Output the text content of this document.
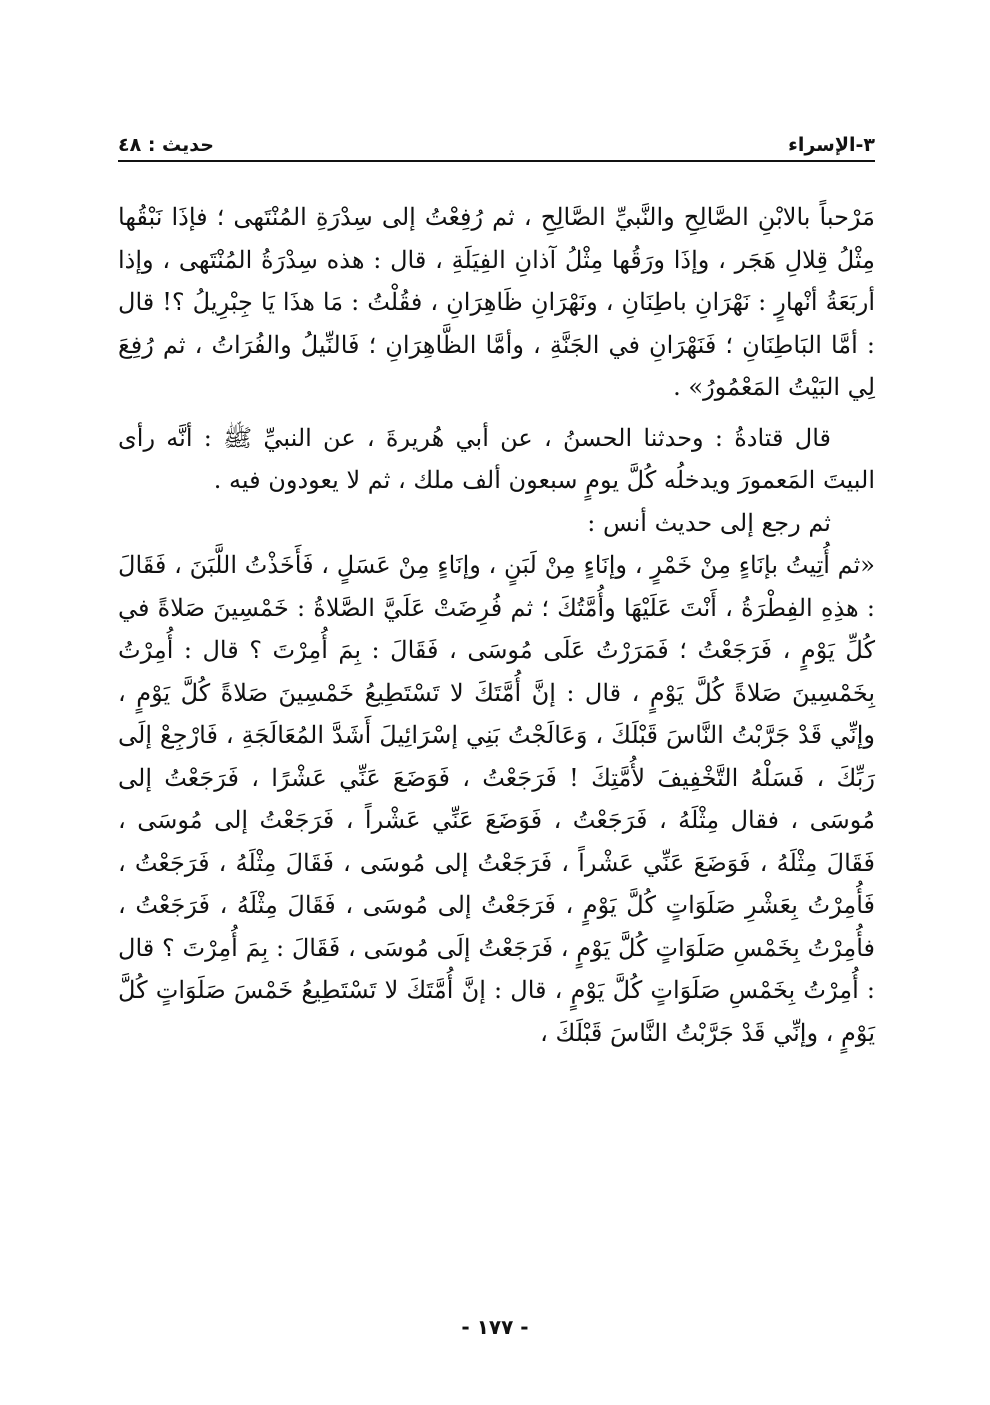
٣-الإسراء
حديث : ٤٨

مَرْحباً بالابْنِ الصَّالِحِ والنَّبيِّ الصَّالِحِ ، ثم رُفِعْتُ إلى سِدْرَةِ المُنْتَهى ؛ فإذَا نَبْقُها مِثْلُ قِلالِ هَجَر ، وإذَا ورَقُها مِثْلُ آذانِ الفِيَلَةِ ، قال : هذه سِدْرَةُ المُنْتَهى ، وإذا أربَعَةُ أنْهارٍ : نَهْرَانِ باطِنَانِ ، ونَهْرَانِ ظَاهِرَانِ ، فقُلْتُ : مَا هذَا يَا جِبْرِيلُ ؟! قال : أمَّا البَاطِنَانِ ؛ فَنَهْرَانِ في الجَنَّةِ ، وأمَّا الظَّاهِرَانِ ؛ فَالنِّيلُ والفُرَاتُ ، ثم رُفِعَ لِي البَيْتُ المَعْمُورُ» .

قال قتادةُ : وحدثنا الحسنُ ، عن أبي هُريرةَ ، عن النبيِّ ﷺ : أنَّه رأى البيتَ المَعمورَ ويدخلُه كُلَّ يومٍ سبعون ألف ملك ، ثم لا يعودون فيه .

ثم رجع إلى حديث أنس :

«ثم أُتِيتُ بإنَاءٍ مِنْ خَمْرٍ ، وإنَاءٍ مِنْ لَبَنٍ ، وإنَاءٍ مِنْ عَسَلٍ ، فَأَخَذْتُ اللَّبَنَ ، فَقَالَ : هذِهِ الفِطْرَةُ ، أَنْتَ عَلَيْهَا وأُمَّتُكَ ؛ ثم فُرِضَتْ عَلَيَّ الصَّلاةُ : خَمْسِينَ صَلاةً في كُلِّ يَوْمٍ ، فَرَجَعْتُ ؛ فَمَرَرْتُ عَلَى مُوسَى ، فَقَالَ : بِمَ أُمِرْتَ ؟ قال : أُمِرْتُ بِخَمْسِينَ صَلاةً كُلَّ يَوْمٍ ، قال : إنَّ أُمَّتَكَ لا تَسْتَطِيعُ خَمْسِينَ صَلاةً كُلَّ يَوْمٍ ، وإنِّي قَدْ جَرَّبْتُ النَّاسَ قَبْلَكَ ، وَعَالَجْتُ بَنِي إسْرَائِيلَ أَشَدَّ المُعَالَجَةِ ، فَارْجِعْ إلَى رَبِّكَ ، فَسَلْهُ التَّخْفِيفَ لأُمَّتِكَ ! فَرَجَعْتُ ، فَوَضَعَ عَنِّي عَشْرًا ، فَرَجَعْتُ إلى مُوسَى ، فقال مِثْلَهُ ، فَرَجَعْتُ ، فَوَضَعَ عَنِّي عَشْراً ، فَرَجَعْتُ إلى مُوسَى ، فَقَالَ مِثْلَهُ ، فَوَضَعَ عَنِّي عَشْراً ، فَرَجَعْتُ إلى مُوسَى ، فَقَالَ مِثْلَهُ ، فَرَجَعْتُ ، فَأُمِرْتُ بِعَشْرِ صَلَوَاتٍ كُلَّ يَوْمٍ ، فَرَجَعْتُ إلى مُوسَى ، فَقَالَ مِثْلَهُ ، فَرَجَعْتُ ، فأُمِرْتُ بِخَمْسِ صَلَوَاتٍ كُلَّ يَوْمٍ ، فَرَجَعْتُ إلَى مُوسَى ، فَقَالَ : بِمَ أُمِرْتَ ؟ قال : أُمِرْتُ بِخَمْسِ صَلَوَاتٍ كُلَّ يَوْمٍ ، قال : إنَّ أُمَّتَكَ لا تَسْتَطِيعُ خَمْسَ صَلَوَاتٍ كُلَّ يَوْمٍ ، وإنِّي قَدْ جَرَّبْتُ النَّاسَ قَبْلَكَ ،

- ١٧٧ -
